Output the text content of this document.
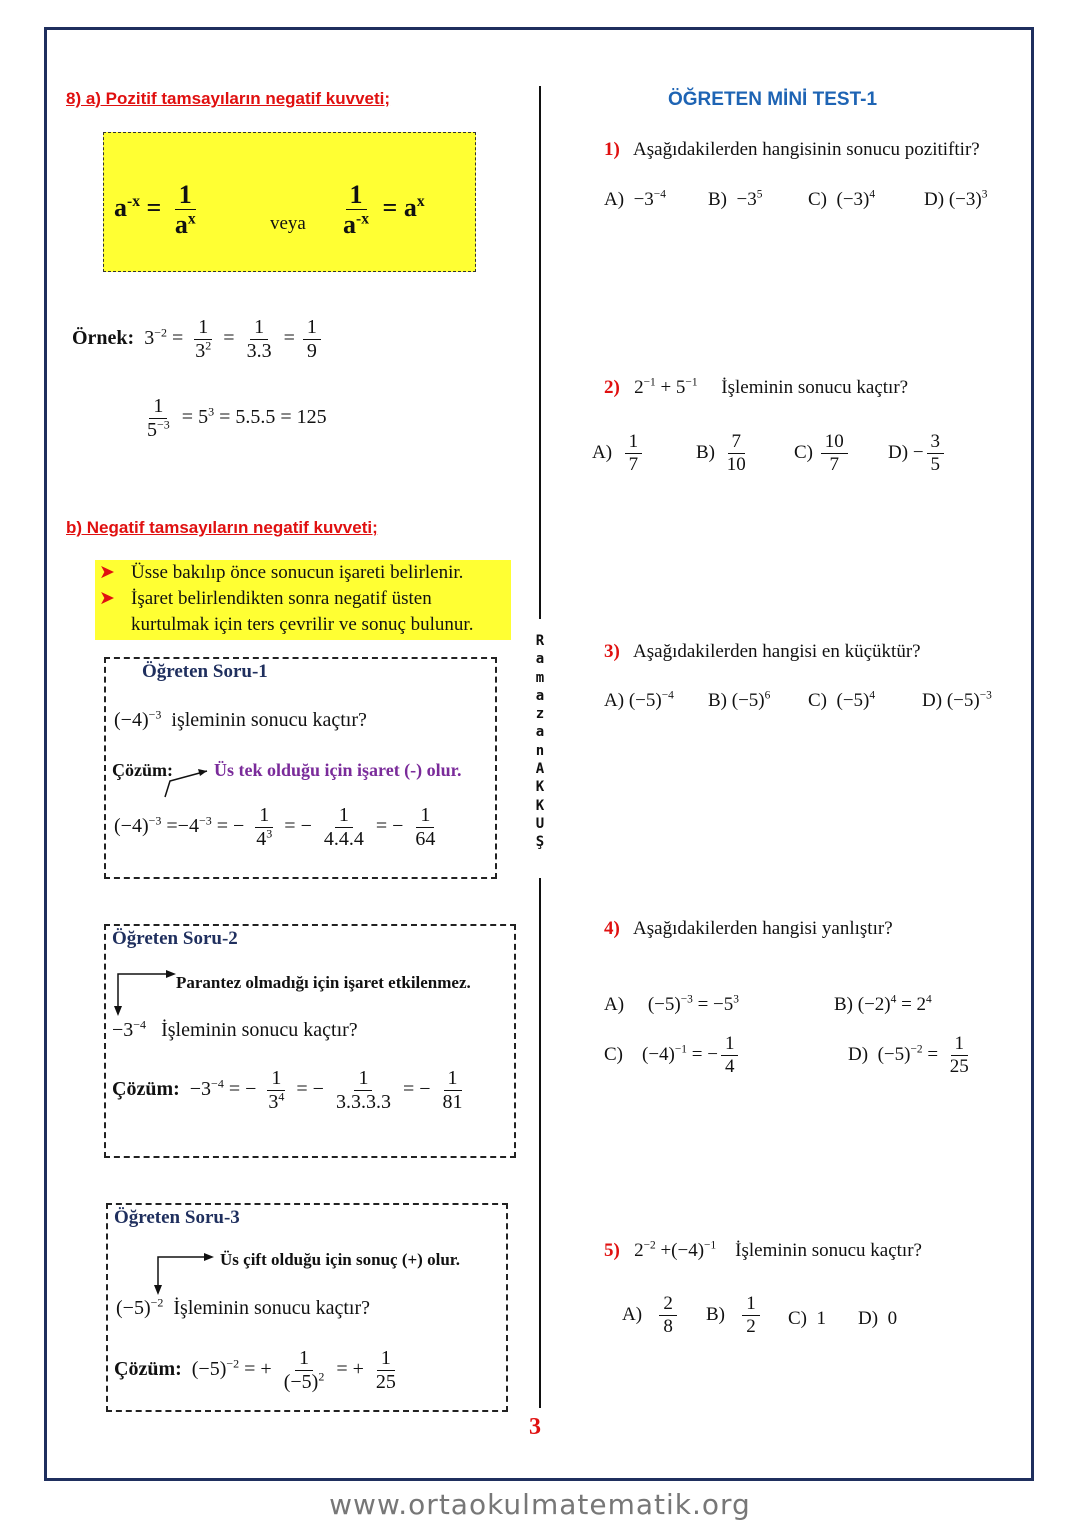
8) a) Pozitif tamsayıların negatif kuvveti;
$a^{-x} = \frac{1}{a^x}$	veya $\frac{1}{a^{-x}} = a^x$
Örnek: $3^{-2} = \frac{1}{3^2} = \frac{1}{3.3} = \frac{1}{9}$
$\frac{1}{5^{-3}} = 5^3 = 5.5.5 = 125$
b) Negatif tamsayıların negatif kuvveti;
➤ Üsse bakılıp önce sonucun işareti belirlenir.
➤ İşaret belirlendikten sonra negatif üsten kurtulmak için ters çevrilir ve sonuç bulunur.
Öğreten Soru-1
$(-4)^{-3}$ işleminin sonucu kaçtır?
Çözüm: Üs tek olduğu için işaret (-) olur.
$(-4)^{-3} =-4^{-3}$ = − $\frac{1}{4^3}$ = − $\frac{1}{4.4.4}$ = − $\frac{1}{64}$
Öğreten Soru-2
Parantez olmadığı için işaret etkilenmez.
$-3^{-4}$ İşleminin sonucu kaçtır?
Çözüm: $-3^{-4}$ = − $\frac{1}{3^4}$ = − $\frac{1}{3.3.3.3}$ = − $\frac{1}{81}$
Öğreten Soru-3
Üs çift olduğu için sonuç (+) olur.
$(-5)^{-2}$ İşleminin sonucu kaçtır?
Çözüm: $(-5)^{-2}$ = + $\frac{1}{(-5)^2}$ = + $\frac{1}{25}$
R
a
m
a
z
a
n
A
K
K
U
Ş
3
ÖĞRETEN MİNİ TEST-1
1) Aşağıdakilerden hangisinin sonucu pozitiftir?
$A) -3^{-4}$ $B) -3^5$ C) $(-3)^4$	D) $(-3)^3$
2) $2^{-1} + 5^{-1}$ İşleminin sonucu kaçtır?
$A) \frac{1}{7}$	$B) \frac{7}{10} C) \frac{10}{7} D) - \frac{3}{5}$
3) Aşağıdakilerden hangisi en küçüktür?
A) $(-5)^{-4}$ B) $(-5)^6$ C) $(-5)^4$ D) $(-5)^{-3}$
4) Aşağıdakilerden hangisi yanlıştır?
A) $(-5)^{-3} = -5^3$	B) $(-2)^4 = 2^4$
C) $(-4)^{-1}$ = − $\frac{1}{4}$	D) $(-5)^{-2} = \frac{1}{25}$
5) $2^{-2} +(-4)^{-1}$ İşleminin sonucu kaçtır?
$A) \frac{2}{8} B) \frac{1}{2} C$) 1 D) 0
www.ortaokulmatematik.org
